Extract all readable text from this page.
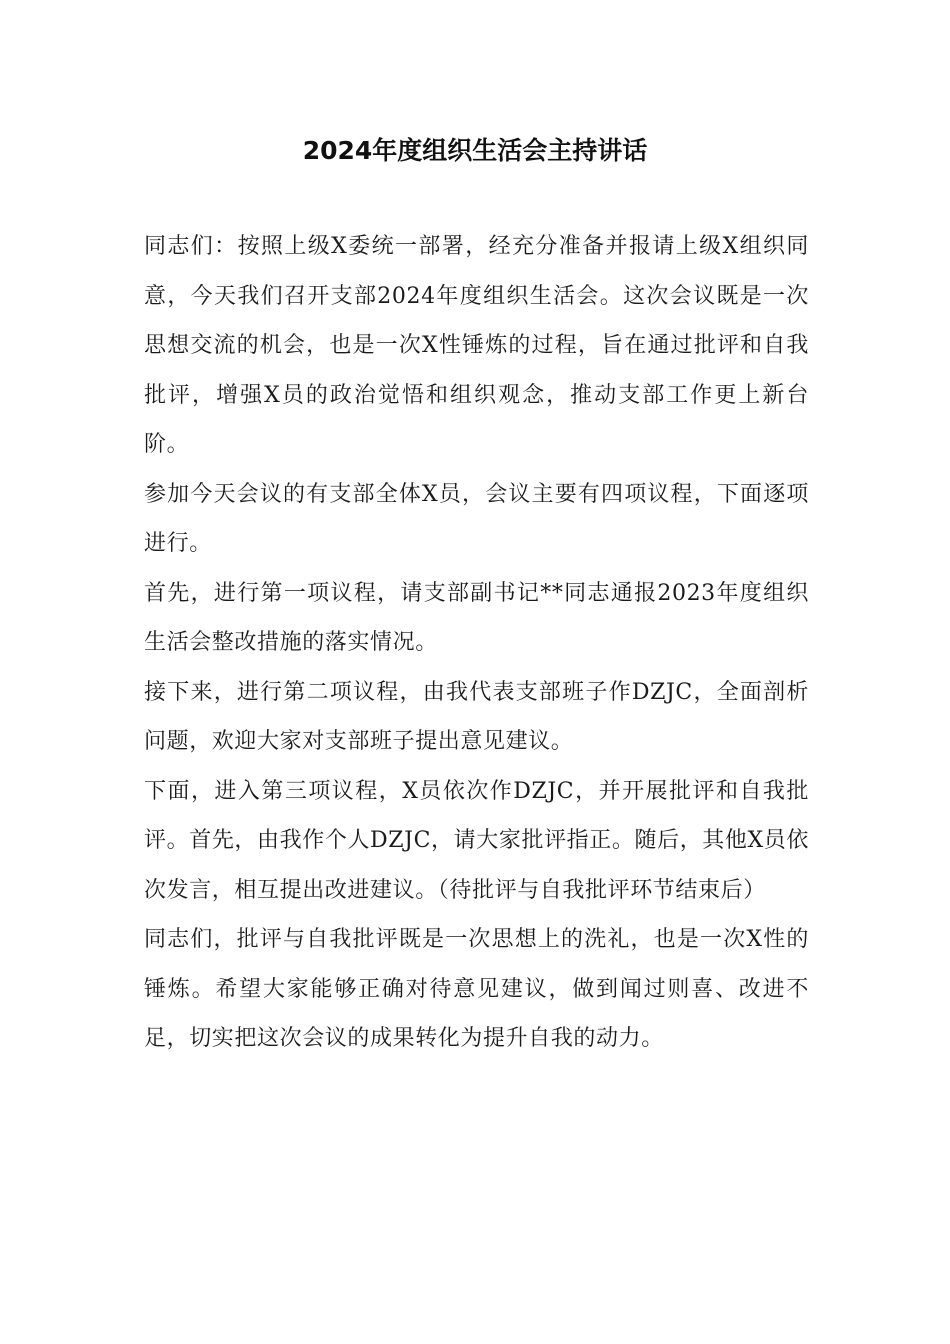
2024年度组织生活会主持讲话

同志们：按照上级X委统一部署，经充分准备并报请上级X组织同意，今天我们召开支部2024年度组织生活会。这次会议既是一次思想交流的机会，也是一次X性锤炼的过程，旨在通过批评和自我批评，增强X员的政治觉悟和组织观念，推动支部工作更上新台阶。

参加今天会议的有支部全体X员，会议主要有四项议程，下面逐项进行。

首先，进行第一项议程，请支部副书记**同志通报2023年度组织生活会整改措施的落实情况。

接下来，进行第二项议程，由我代表支部班子作DZJC，全面剖析问题，欢迎大家对支部班子提出意见建议。

下面，进入第三项议程，X员依次作DZJC，并开展批评和自我批评。首先，由我作个人DZJC，请大家批评指正。随后，其他X员依次发言，相互提出改进建议。（待批评与自我批评环节结束后）

同志们，批评与自我批评既是一次思想上的洗礼，也是一次X性的锤炼。希望大家能够正确对待意见建议，做到闻过则喜、改进不足，切实把这次会议的成果转化为提升自我的动力。
